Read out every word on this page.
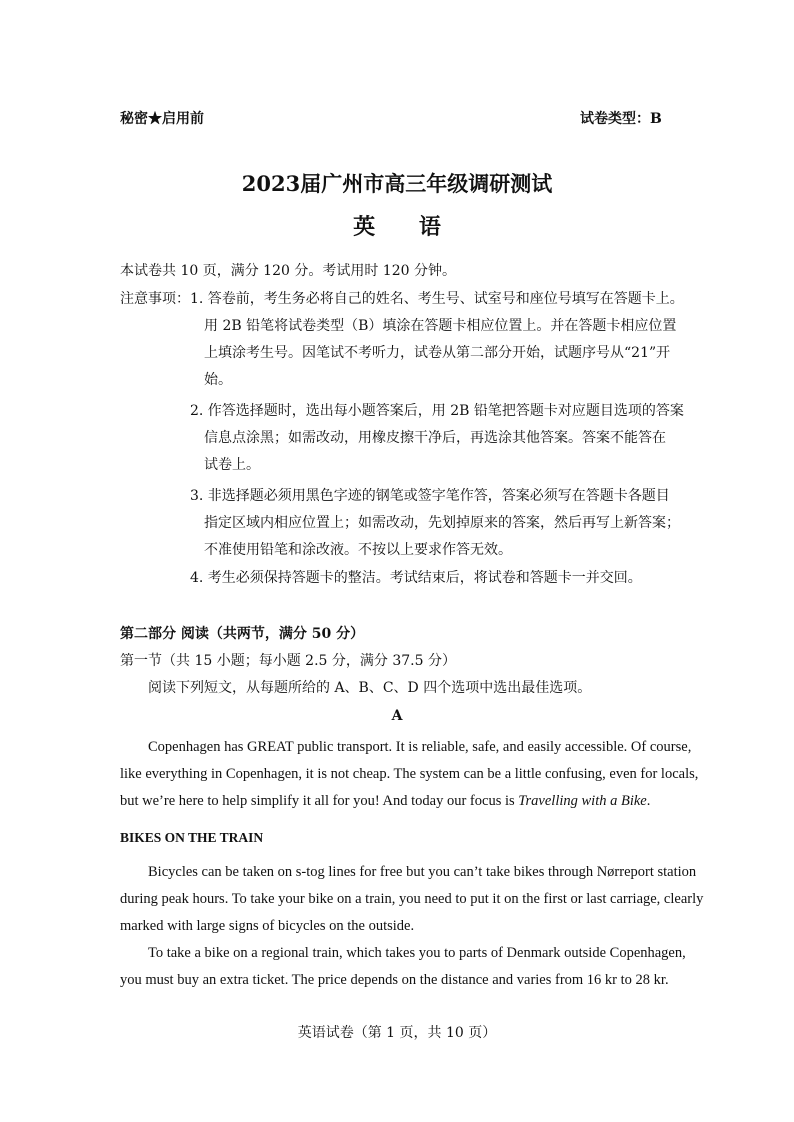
秘密★启用前	试卷类型：B
2023届广州市高三年级调研测试
英 语
本试卷共 10 页，满分 120 分。考试用时 120 分钟。
注意事项： 1. 答卷前，考生务必将自己的姓名、考生号、试室号和座位号填写在答题卡上。
用 2B 铅笔将试卷类型（B）填涂在答题卡相应位置上。并在答题卡相应位置
上填涂考生号。因笔试不考听力，试卷从第二部分开始，试题序号从“21”开
始。
2. 作答选择题时，选出每小题答案后，用 2B 铅笔把答题卡对应题目选项的答案
信息点涂黑；如需改动，用橡皮擦干净后，再选涂其他答案。答案不能答在
试卷上。
3. 非选择题必须用黑色字迹的钢笔或签字笔作答，答案必须写在答题卡各题目
指定区域内相应位置上；如需改动，先划掉原来的答案，然后再写上新答案；
不准使用铅笔和涂改液。不按以上要求作答无效。
4. 考生必须保持答题卡的整洁。考试结束后，将试卷和答题卡一并交回。
第二部分 阅读（共两节，满分 50 分）
第一节（共 15 小题；每小题 2.5 分，满分 37.5 分）
阅读下列短文，从每题所给的 A、B、C、D 四个选项中选出最佳选项。
A
Copenhagen has GREAT public transport. It is reliable, safe, and easily accessible. Of course,
like everything in Copenhagen, it is not cheap. The system can be a little confusing, even for locals,
but we’re here to help simplify it all for you! And today our focus is Travelling with a Bike.
BIKES ON THE TRAIN
Bicycles can be taken on s-tog lines for free but you can’t take bikes through Nørreport station
during peak hours. To take your bike on a train, you need to put it on the first or last carriage, clearly
marked with large signs of bicycles on the outside.
To take a bike on a regional train, which takes you to parts of Denmark outside Copenhagen,
you must buy an extra ticket. The price depends on the distance and varies from 16 kr to 28 kr.
英语试卷（第 1 页，共 10 页）
